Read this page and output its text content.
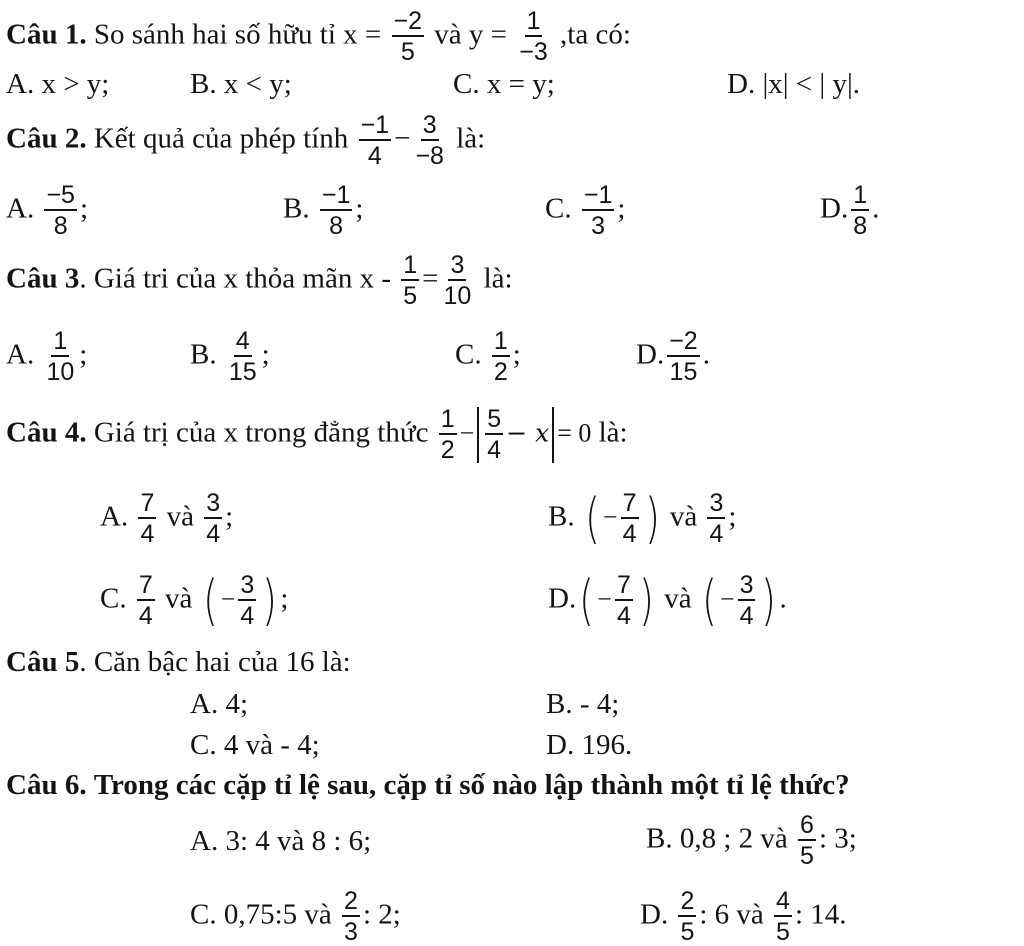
Câu 1. So sánh hai số hữu tỉ $x = \frac{-2}{5}$ và $y = \frac{1}{-3} ,ta$ có:
A. x > y;	B. x < y;	C. x = y;	D. |x| < | y|.
Câu 2. Kết quả của phép tính $\frac{-1}{4} - \frac{3}{-8}$ là:
A. $\frac{-5}{8}$ ;	B. $\frac{-1}{8}$ ;	C. $\frac{-1}{3}$ ;	D. $\frac{1}{8}$ .
Câu 3. Giá tri của x thỏa mãn $x - \frac{1}{5} = \frac{3}{10}$ là:
A. $\frac{1}{10}$ ;	B. $\frac{4}{15}$ ;	C. $\frac{1}{2}$ ;	D. $\frac{-2}{15}$ .
Câu 4. Giá trị của x trong đẳng thức $\frac{1}{2} - \frac{5}{4} - x = 0$ là:
A. $\frac{7}{4}$ và $\frac{3}{4}$ ;	B. ( − $\frac{7}{4}$ ) và $\frac{3}{4}$ ;
C. $\frac{7}{4}$ và ( − $\frac{3}{4}$ ) ;	$D.( - \frac{7}{4}$ ) và ( − $\frac{3}{4}$ ) .
Câu 5. Căn bậc hai của 16 là:
A. 4;	B. - 4;
C. 4 và - 4;	D. 196.
Câu 6. Trong các cặp tỉ lệ sau, cặp tỉ số nào lập thành một tỉ lệ thức?
A. 3: 4 và 8 : 6;	B. 0,8 ; 2 và $\frac{6}{5}$ : 3;
C. 0,75:5 và $\frac{2}{3}$ : 2;	D. $\frac{2}{5}$ : 6 và $\frac{4}{5}$ : 14.
